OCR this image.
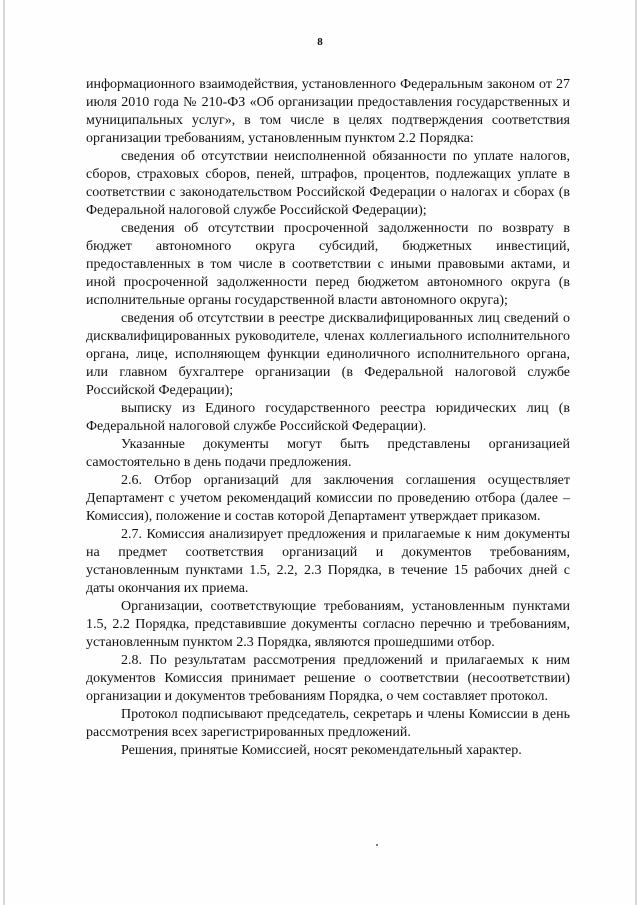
8

информационного взаимодействия, установленного Федеральным законом от 27 июля 2010 года № 210-ФЗ «Об организации предоставления государственных и муниципальных услуг», в том числе в целях подтверждения соответствия организации требованиям, установленным пунктом 2.2 Порядка:

сведения об отсутствии неисполненной обязанности по уплате налогов, сборов, страховых сборов, пеней, штрафов, процентов, подлежащих уплате в соответствии с законодательством Российской Федерации о налогах и сборах (в Федеральной налоговой службе Российской Федерации);

сведения об отсутствии просроченной задолженности по возврату в бюджет автономного округа субсидий, бюджетных инвестиций, предоставленных в том числе в соответствии с иными правовыми актами, и иной просроченной задолженности перед бюджетом автономного округа (в исполнительные органы государственной власти автономного округа);

сведения об отсутствии в реестре дисквалифицированных лиц сведений о дисквалифицированных руководителе, членах коллегиального исполнительного органа, лице, исполняющем функции единоличного исполнительного органа, или главном бухгалтере организации (в Федеральной налоговой службе Российской Федерации);

выписку из Единого государственного реестра юридических лиц (в Федеральной налоговой службе Российской Федерации).

Указанные документы могут быть представлены организацией самостоятельно в день подачи предложения.

2.6. Отбор организаций для заключения соглашения осуществляет Департамент с учетом рекомендаций комиссии по проведению отбора (далее – Комиссия), положение и состав которой Департамент утверждает приказом.

2.7. Комиссия анализирует предложения и прилагаемые к ним документы на предмет соответствия организаций и документов требованиям, установленным пунктами 1.5, 2.2, 2.3 Порядка, в течение 15 рабочих дней с даты окончания их приема.

Организации, соответствующие требованиям, установленным пунктами 1.5, 2.2 Порядка, представившие документы согласно перечню и требованиям, установленным пунктом 2.3 Порядка, являются прошедшими отбор.

2.8. По результатам рассмотрения предложений и прилагаемых к ним документов Комиссия принимает решение о соответствии (несоответствии) организации и документов требованиям Порядка, о чем составляет протокол.

Протокол подписывают председатель, секретарь и члены Комиссии в день рассмотрения всех зарегистрированных предложений.

Решения, принятые Комиссией, носят рекомендательный характер.
